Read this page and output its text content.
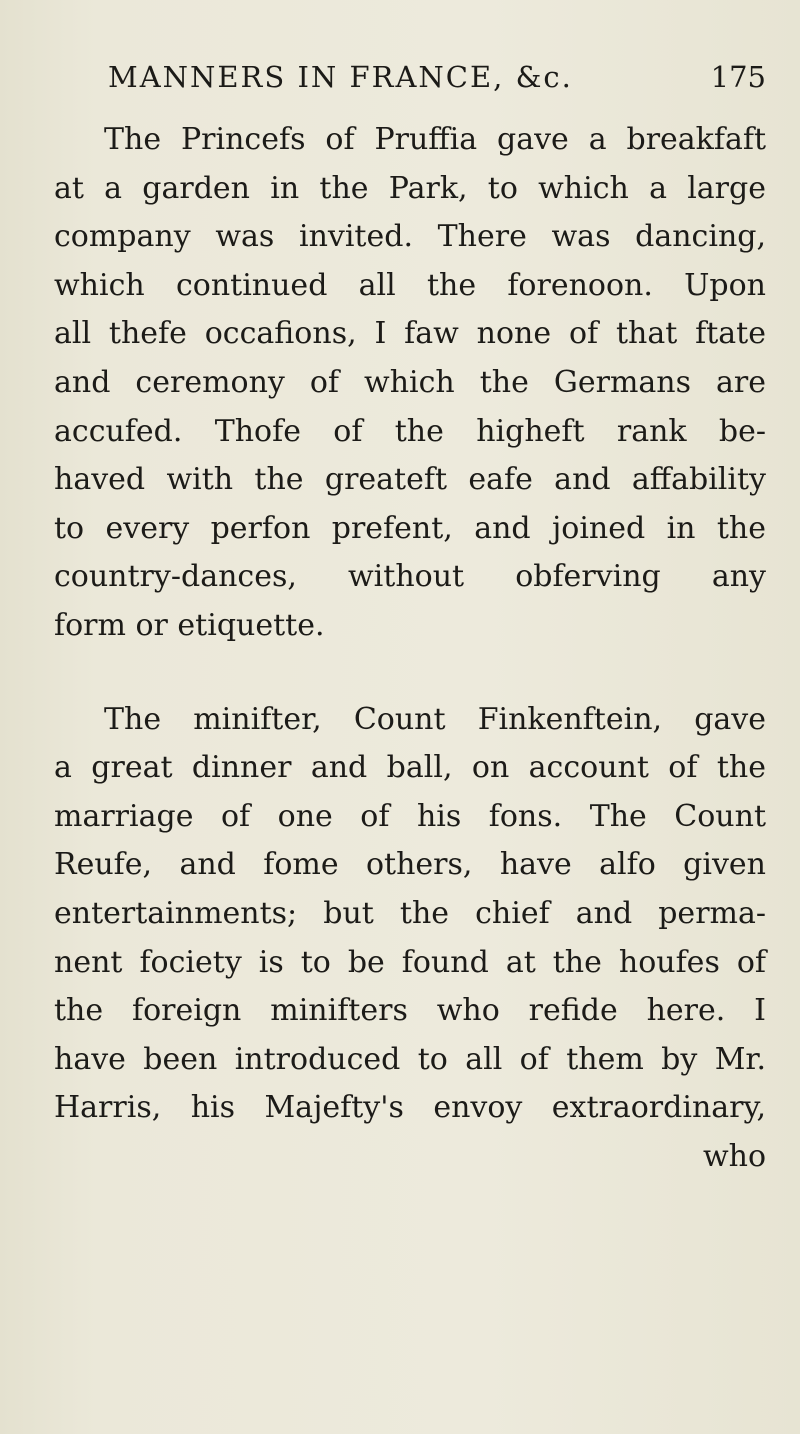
MANNERS IN FRANCE, &c.	175
The Princefs of Pruffia gave a breakfaft
at a garden in the Park, to which a large
company was invited. There was dancing,
which continued all the forenoon. Upon
all thefe occafions, I faw none of that ftate
and ceremony of which the Germans are
accufed. Thofe of the higheft rank be-
haved with the greateft eafe and affability
to every perfon prefent, and joined in the
country-dances, without obferving any
form or etiquette.
The minifter, Count Finkenftein, gave
a great dinner and ball, on account of the
marriage of one of his fons. The Count
Reufe, and fome others, have alfo given
entertainments; but the chief and perma-
nent fociety is to be found at the houfes of
the foreign minifters who refide here. I
have been introduced to all of them by Mr.
Harris, his Majefty's envoy extraordinary,
who
